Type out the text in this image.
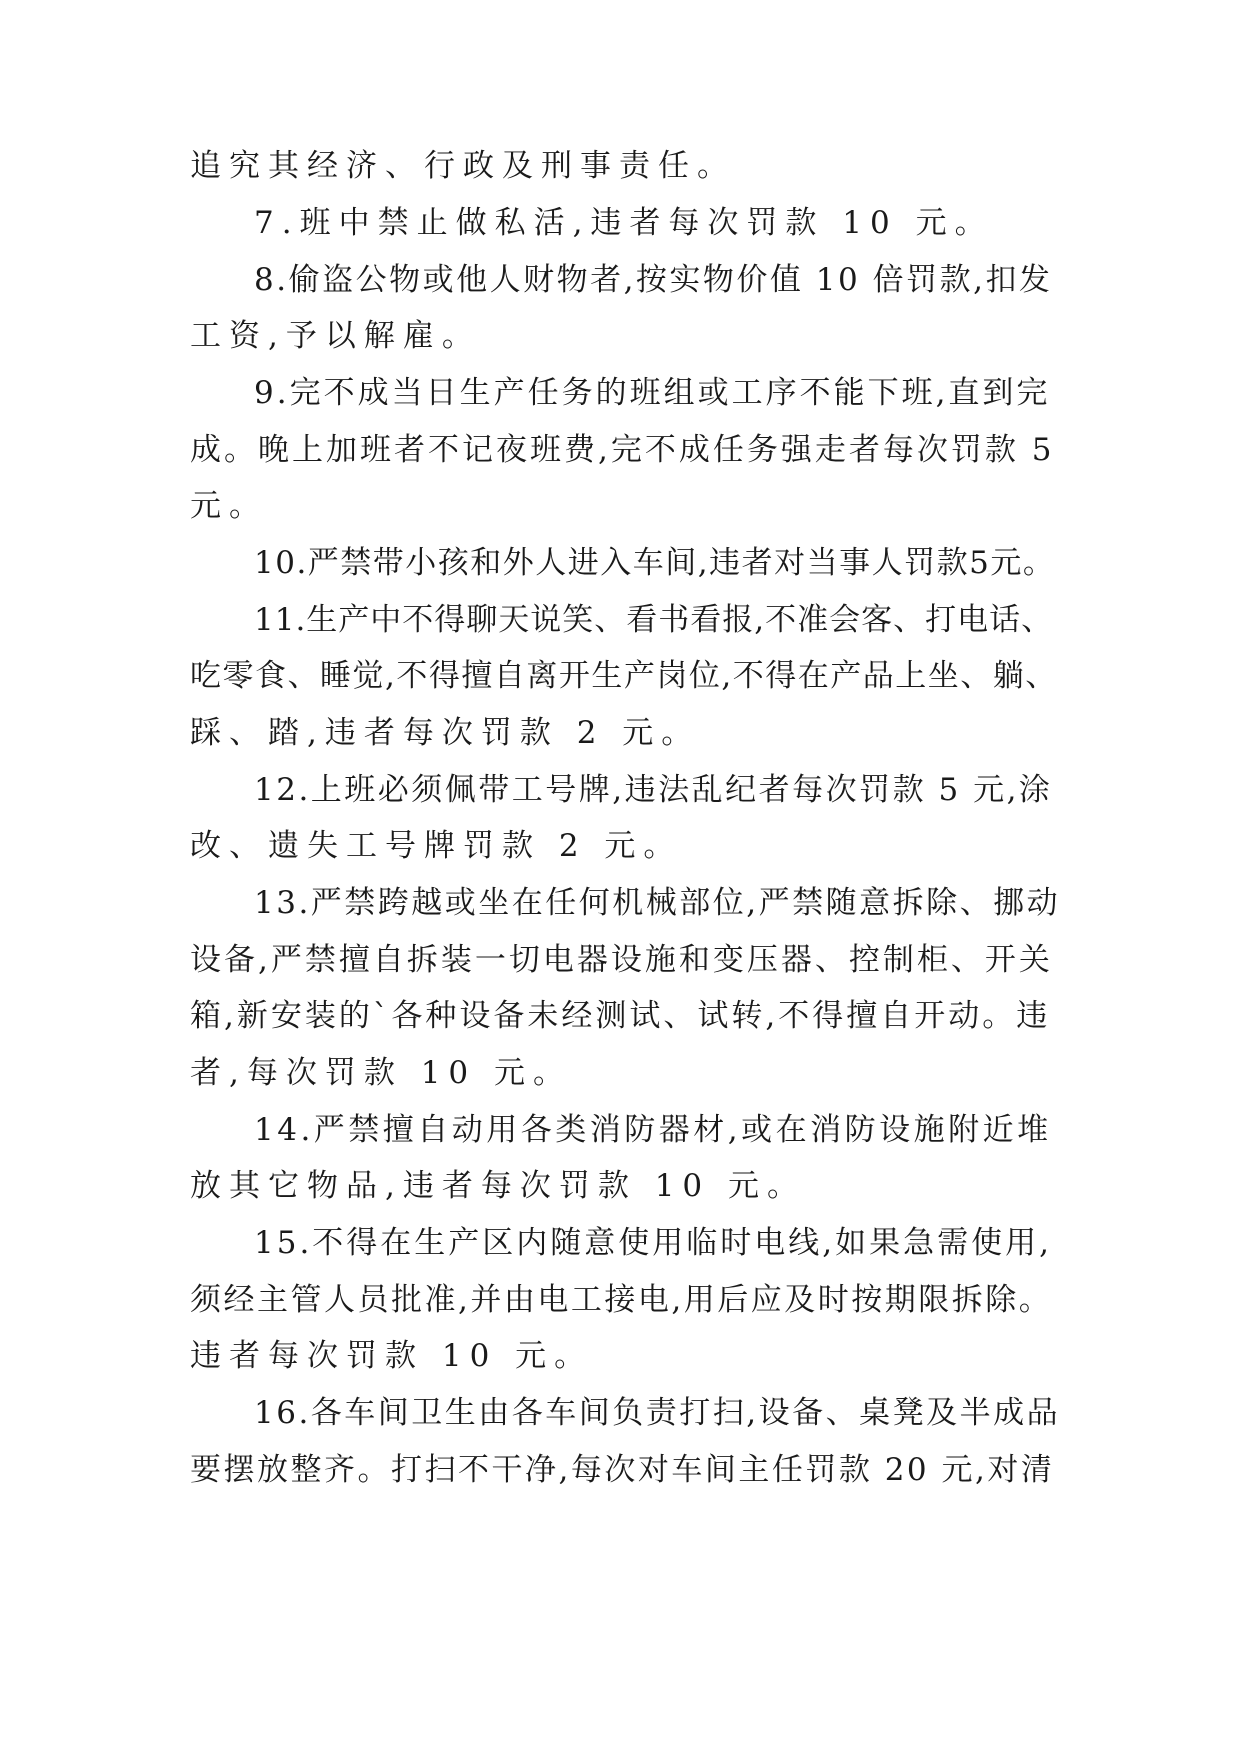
追究其经济、行政及刑事责任。
7.班中禁止做私活,违者每次罚款 10 元。
8.偷盗公物或他人财物者,按实物价值 10 倍罚款,扣发
工资,予以解雇。
9.完不成当日生产任务的班组或工序不能下班,直到完
成。晚上加班者不记夜班费,完不成任务强走者每次罚款 5
元。
10.严禁带小孩和外人进入车间,违者对当事人罚款5元。
11.生产中不得聊天说笑、看书看报,不准会客、打电话、
吃零食、睡觉,不得擅自离开生产岗位,不得在产品上坐、躺、
踩、踏,违者每次罚款 2 元。
12.上班必须佩带工号牌,违法乱纪者每次罚款 5 元,涂
改、遗失工号牌罚款 2 元。
13.严禁跨越或坐在任何机械部位,严禁随意拆除、挪动
设备,严禁擅自拆装一切电器设施和变压器、控制柜、开关
箱,新安装的`各种设备未经测试、试转,不得擅自开动。违
者,每次罚款 10 元。
14.严禁擅自动用各类消防器材,或在消防设施附近堆
放其它物品,违者每次罚款 10 元。
15.不得在生产区内随意使用临时电线,如果急需使用,
须经主管人员批准,并由电工接电,用后应及时按期限拆除。
违者每次罚款 10 元。
16.各车间卫生由各车间负责打扫,设备、桌凳及半成品
要摆放整齐。打扫不干净,每次对车间主任罚款 20 元,对清
